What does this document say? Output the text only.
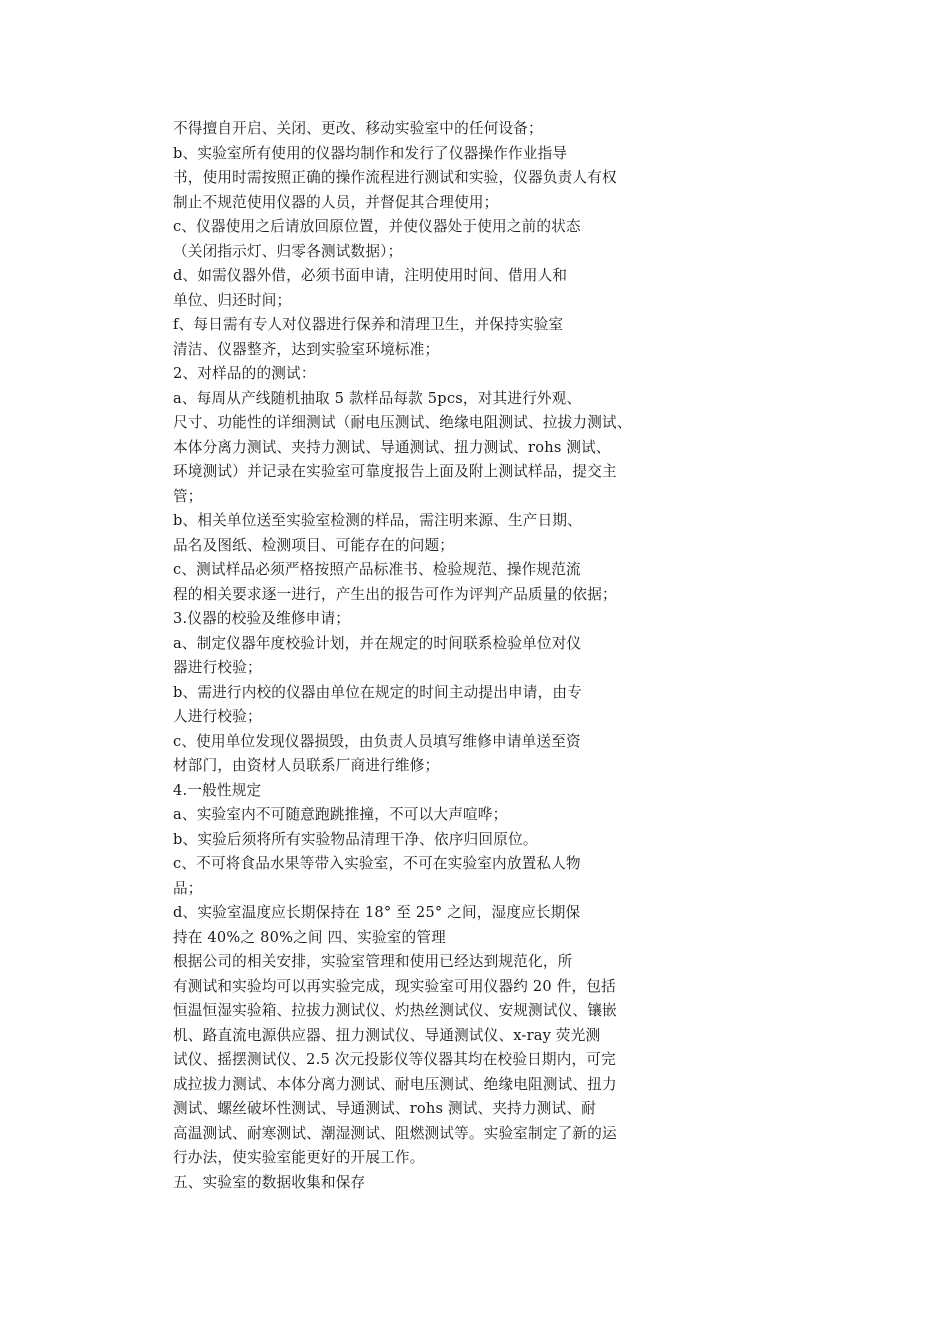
不得擅自开启、关闭、更改、移动实验室中的任何设备；
b、实验室所有使用的仪器均制作和发行了仪器操作作业指导
书，使用时需按照正确的操作流程进行测试和实验，仪器负责人有权
制止不规范使用仪器的人员，并督促其合理使用；
c、仪器使用之后请放回原位置，并使仪器处于使用之前的状态
（关闭指示灯、归零各测试数据）；
d、如需仪器外借，必须书面申请，注明使用时间、借用人和
单位、归还时间；
f、每日需有专人对仪器进行保养和清理卫生，并保持实验室
清洁、仪器整齐，达到实验室环境标准；
2、对样品的的测试：
a、每周从产线随机抽取 5 款样品每款 5pcs，对其进行外观、
尺寸、功能性的详细测试（耐电压测试、绝缘电阻测试、拉拔力测试、
本体分离力测试、夹持力测试、导通测试、扭力测试、rohs 测试、
环境测试）并记录在实验室可靠度报告上面及附上测试样品，提交主
管；
b、相关单位送至实验室检测的样品，需注明来源、生产日期、
品名及图纸、检测项目、可能存在的问题；
c、测试样品必须严格按照产品标准书、检验规范、操作规范流
程的相关要求逐一进行，产生出的报告可作为评判产品质量的依据；
3.仪器的校验及维修申请；
a、制定仪器年度校验计划，并在规定的时间联系检验单位对仪
器进行校验；
b、需进行内校的仪器由单位在规定的时间主动提出申请，由专
人进行校验；
c、使用单位发现仪器损毁，由负责人员填写维修申请单送至资
材部门，由资材人员联系厂商进行维修；
4.一般性规定
a、实验室内不可随意跑跳推撞，不可以大声喧哗；
b、实验后须将所有实验物品清理干净、依序归回原位。
c、不可将食品水果等带入实验室，不可在实验室内放置私人物
品；
d、实验室温度应长期保持在 18° 至 25° 之间，湿度应长期保
持在 40%之 80%之间 四、实验室的管理
根据公司的相关安排，实验室管理和使用已经达到规范化，所
有测试和实验均可以再实验完成，现实验室可用仪器约 20 件，包括
恒温恒湿实验箱、拉拔力测试仪、灼热丝测试仪、安规测试仪、镶嵌
机、路直流电源供应器、扭力测试仪、导通测试仪、x-ray 荧光测
试仪、摇摆测试仪、2.5 次元投影仪等仪器其均在校验日期内，可完
成拉拔力测试、本体分离力测试、耐电压测试、绝缘电阻测试、扭力
测试、螺丝破坏性测试、导通测试、rohs 测试、夹持力测试、耐
高温测试、耐寒测试、潮湿测试、阻燃测试等。实验室制定了新的运
行办法，使实验室能更好的开展工作。
五、实验室的数据收集和保存
